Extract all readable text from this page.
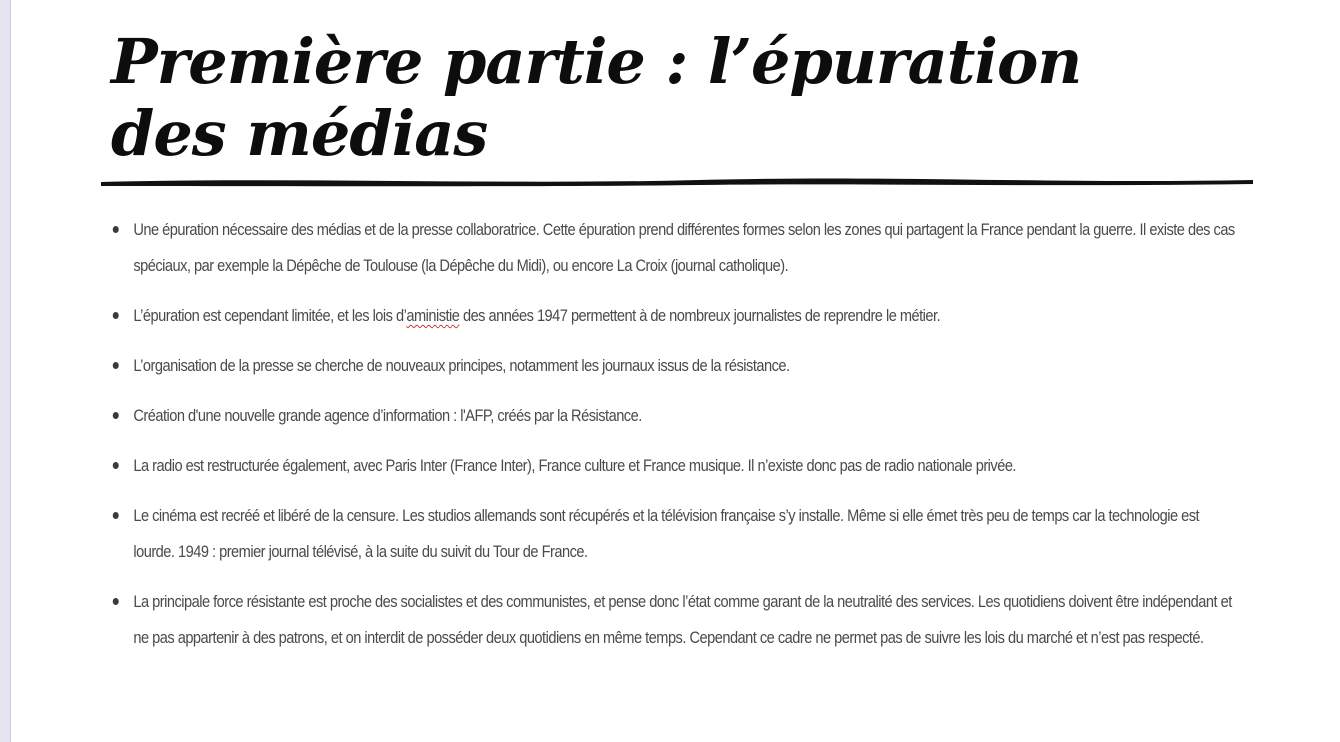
Première partie : l’épuration des médias
Une épuration nécessaire des médias et de la presse collaboratrice. Cette épuration prend différentes formes selon les zones qui partagent la France pendant la guerre. Il existe des cas spéciaux, par exemple la Dépêche de Toulouse (la Dépêche du Midi), ou encore La Croix (journal catholique).
L’épuration est cependant limitée, et les lois d’aministie des années 1947 permettent à de nombreux journalistes de reprendre le métier.
L’organisation de la presse se cherche de nouveaux principes, notamment les journaux issus de la résistance.
Création d'une nouvelle grande agence d’information : l'AFP, créés par la Résistance.
La radio est restructurée également, avec Paris Inter (France Inter), France culture et France musique. Il n’existe donc pas de radio nationale privée.
Le cinéma est recréé et libéré de la censure. Les studios allemands sont récupérés et la télévision française s’y installe. Même si elle émet très peu de temps car la technologie est lourde. 1949 : premier journal télévisé, à la suite du suivit du Tour de France.
La principale force résistante est proche des socialistes et des communistes, et pense donc l’état comme garant de la neutralité des services. Les quotidiens doivent être indépendant et ne pas appartenir à des patrons, et on interdit de posséder deux quotidiens en même temps. Cependant ce cadre ne permet pas de suivre les lois du marché et n’est pas respecté.
